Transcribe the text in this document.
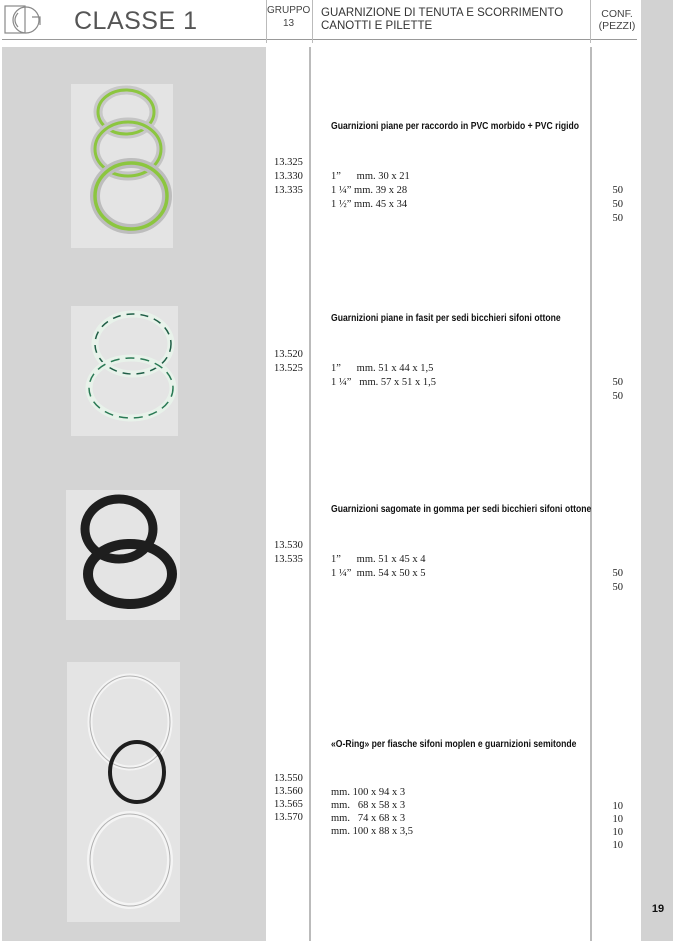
CLASSE 1	GRUPPO
13
GUARNIZIONE DI TENUTA E SCORRIMENTO
CANOTTI E PILETTE
CONF.
(PEZZI)
Guarnizioni piane per raccordo in PVC morbido + PVC rigido

13.325

1”      mm. 30 x 21

50

13.330

1 ¼” mm. 39 x 28

50

13.335

1 ½” mm. 45 x 34

50

Guarnizioni piane in fasit per sedi bicchieri sifoni ottone

13.520

1”      mm. 51 x 44 x 1,5

50

13.525

1 ¼”   mm. 57 x 51 x 1,5

50

Guarnizioni sagomate in gomma per sedi bicchieri sifoni ottone

13.530

1”      mm. 51 x 45 x 4

50

13.535

1 ¼”  mm. 54 x 50 x 5

50

«O-Ring» per fiasche sifoni moplen e guarnizioni semitonde

13.550

mm. 100 x 94 x 3

10

13.560

mm.   68 x 58 x 3

10

13.565

mm.   74 x 68 x 3

10

13.570

mm. 100 x 88 x 3,5

10

19
